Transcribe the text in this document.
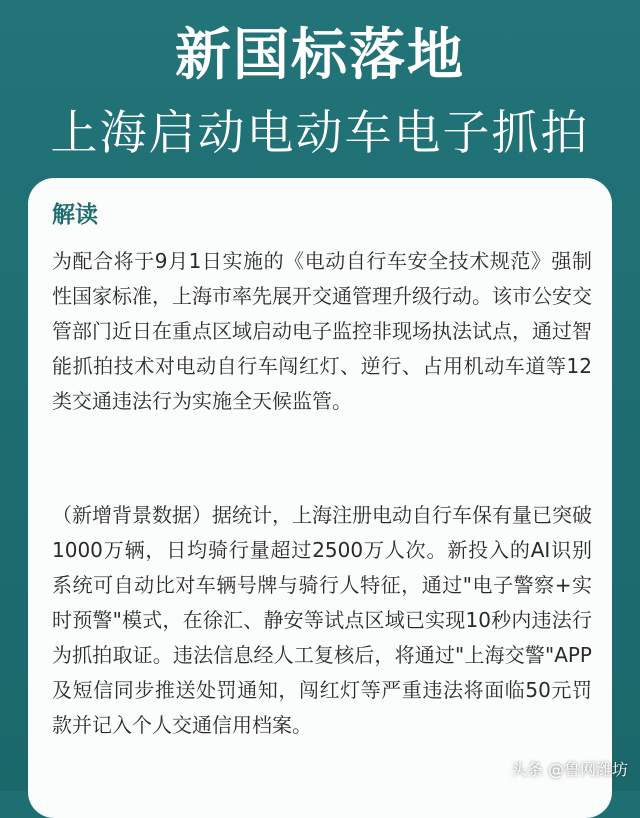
新国标落地
上海启动电动车电子抓拍
解读

为配合将于9月1日实施的《电动自行车安全技术规范》强制性国家标准，上海市率先展开交通管理升级行动。该市公安交管部门近日在重点区域启动电子监控非现场执法试点，通过智能抓拍技术对电动自行车闯红灯、逆行、占用机动车道等12类交通违法行为实施全天候监管。

（新增背景数据）据统计，上海注册电动自行车保有量已突破1000万辆，日均骑行量超过2500万人次。新投入的AI识别系统可自动比对车辆号牌与骑行人特征，通过"电子警察+实时预警"模式，在徐汇、静安等试点区域已实现10秒内违法行为抓拍取证。违法信息经人工复核后，将通过"上海交警"APP及短信同步推送处罚通知，闯红灯等严重违法将面临50元罚款并记入个人交通信用档案。

头条 @鲁网潍坊
